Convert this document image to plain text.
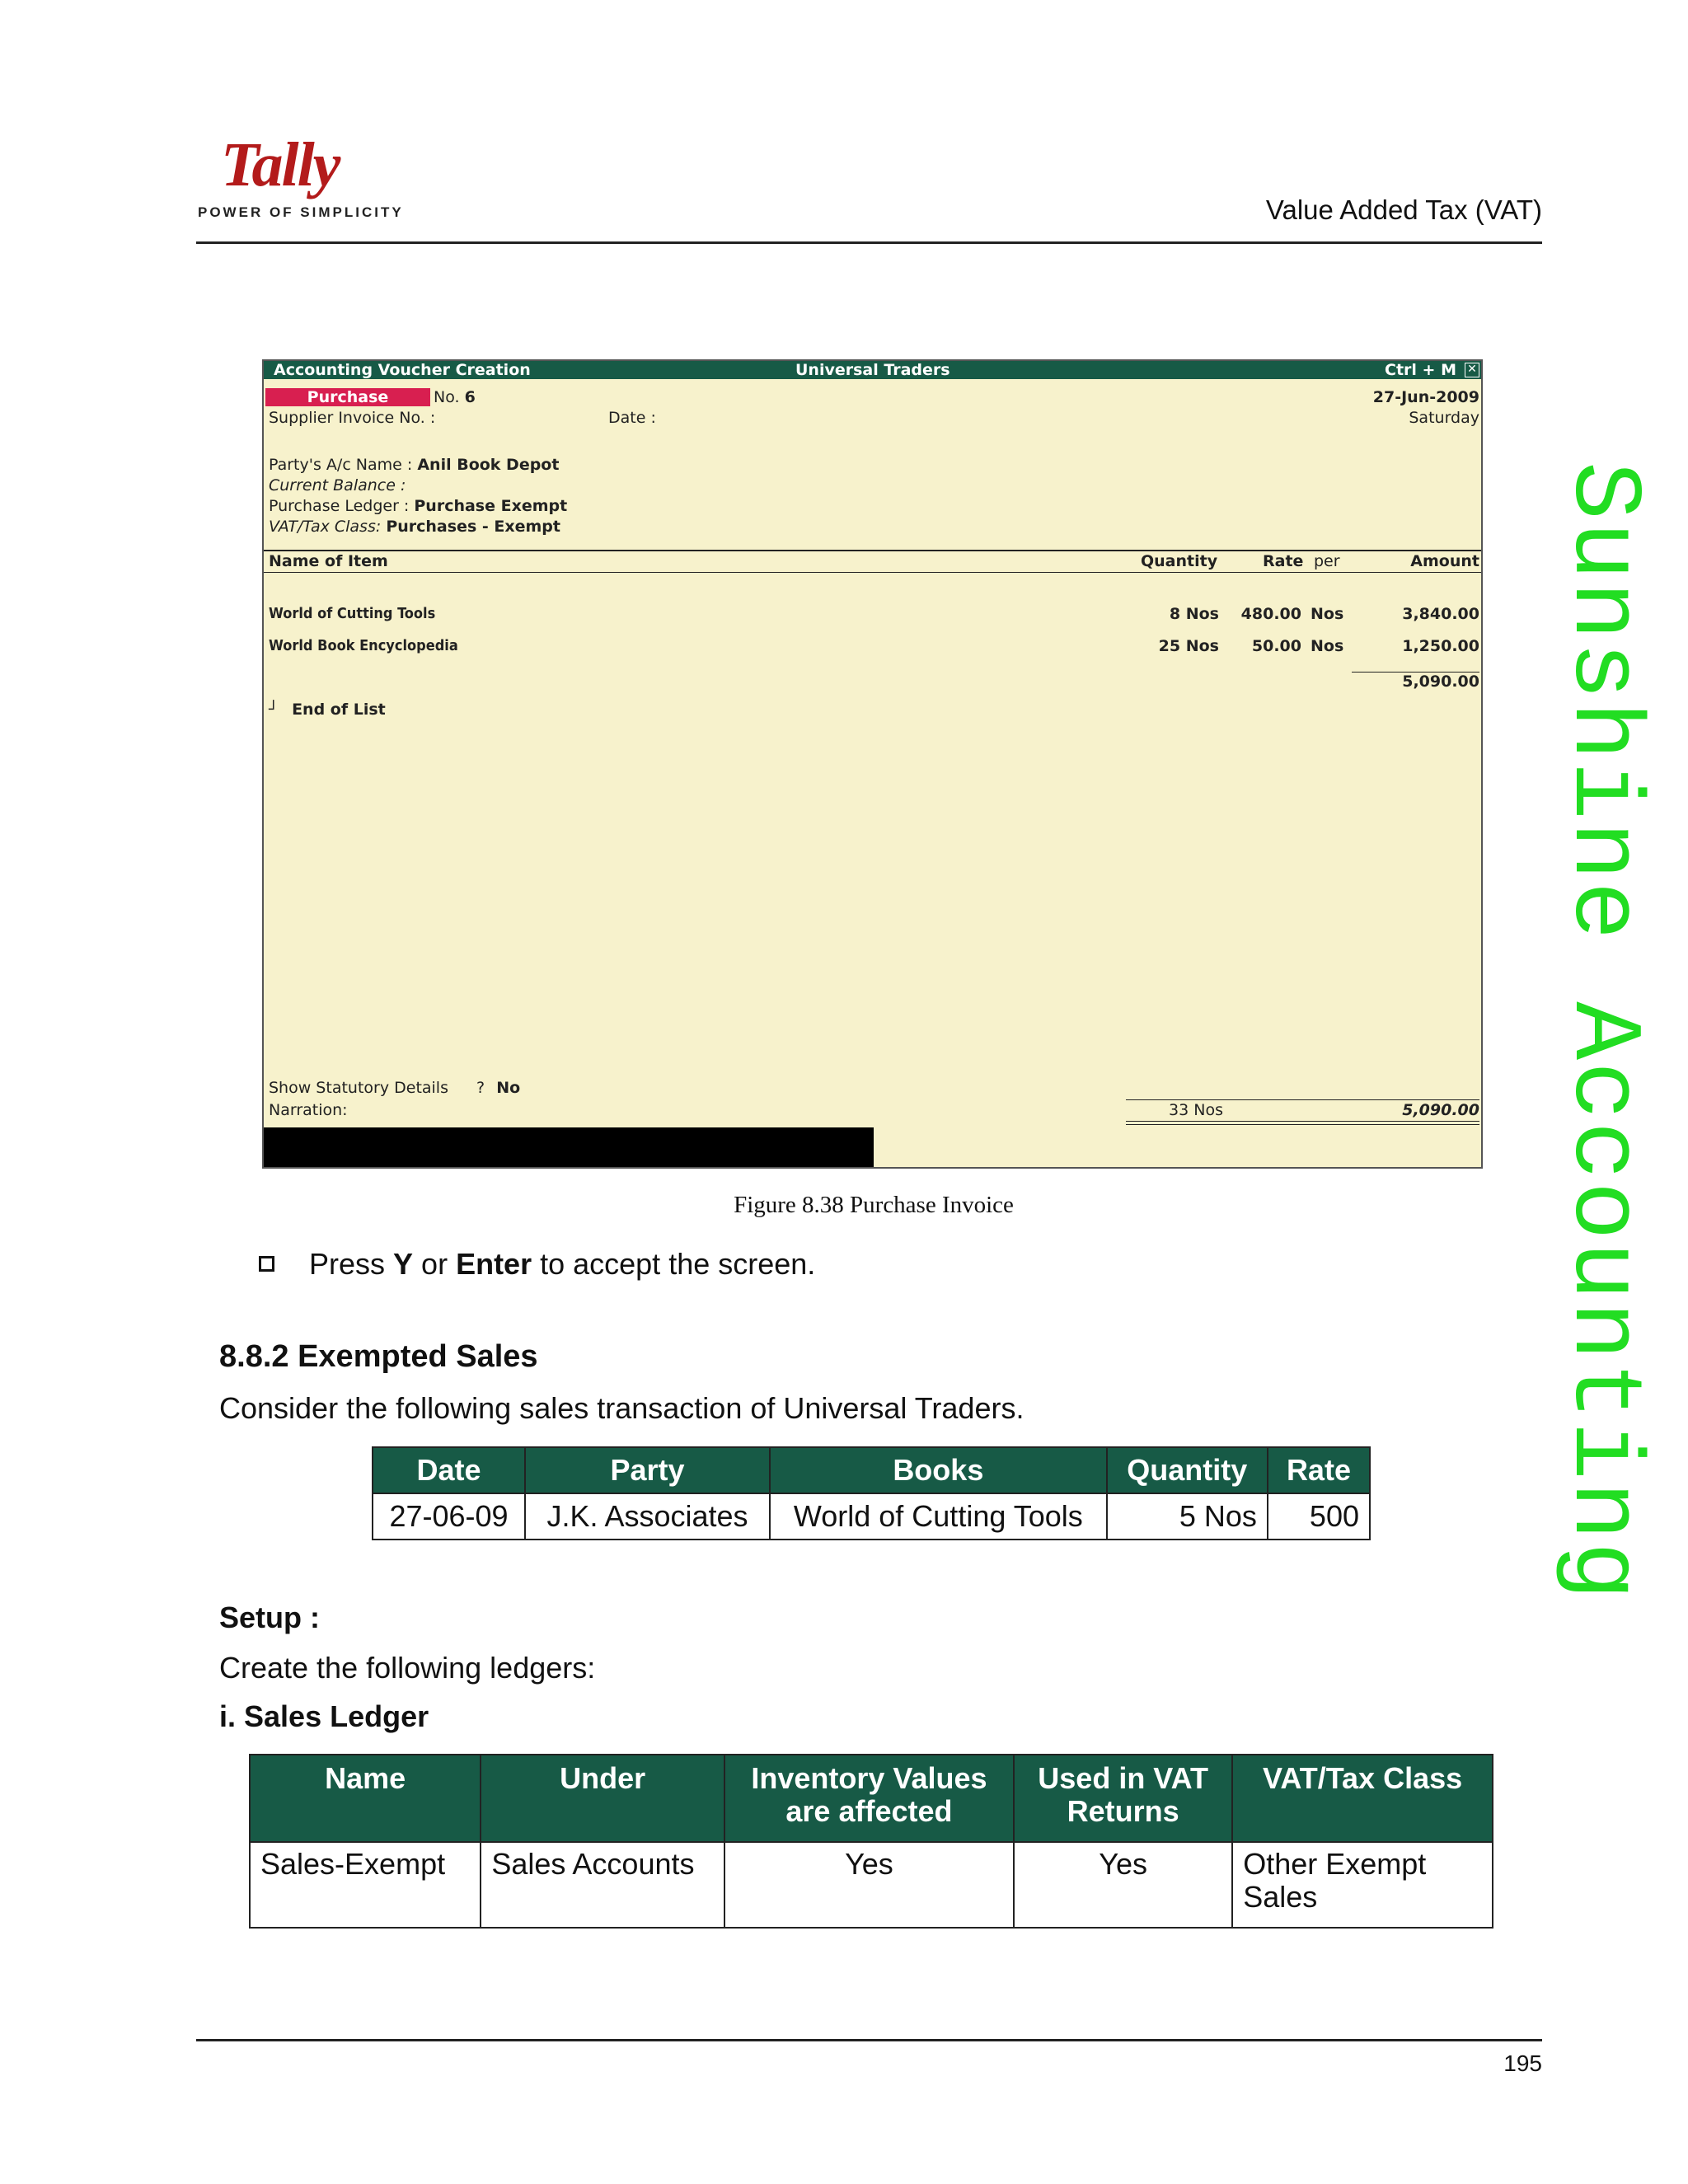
Tally
POWER OF SIMPLICITY	Value Added Tax (VAT)
Sunshine Accounting
Accounting Voucher Creation	Universal Traders	Ctrl + M ✕
Purchase	No. 6	27-Jun-2009
Saturday
Supplier Invoice No. :	Date :
Party's A/c Name : Anil Book Depot
Current Balance :
Purchase Ledger : Purchase Exempt
VAT/Tax Class: Purchases - Exempt
Name of Item	Quantity	Rate per	Amount
World of Cutting Tools	8 Nos 480.00 Nos	3,840.00
World Book Encyclopedia	25 Nos 50.00 Nos	1,250.00
5,090.00
┘ End of List
Show Statutory Details ? No
Narration:	33 Nos	5,090.00
Figure 8.38 Purchase Invoice
Press Y or Enter to accept the screen.
8.8.2 Exempted Sales
Consider the following sales transaction of Universal Traders.
Date	Party	Books	Quantity	Rate
27-06-09	J.K. Associates	World of Cutting Tools	5 Nos	500
Setup :
Create the following ledgers:
i. Sales Ledger
Name	Under	Inventory Values are affected	Used in VAT Returns	VAT/Tax Class
Sales-Exempt	Sales Accounts	Yes	Yes	Other Exempt Sales
195
